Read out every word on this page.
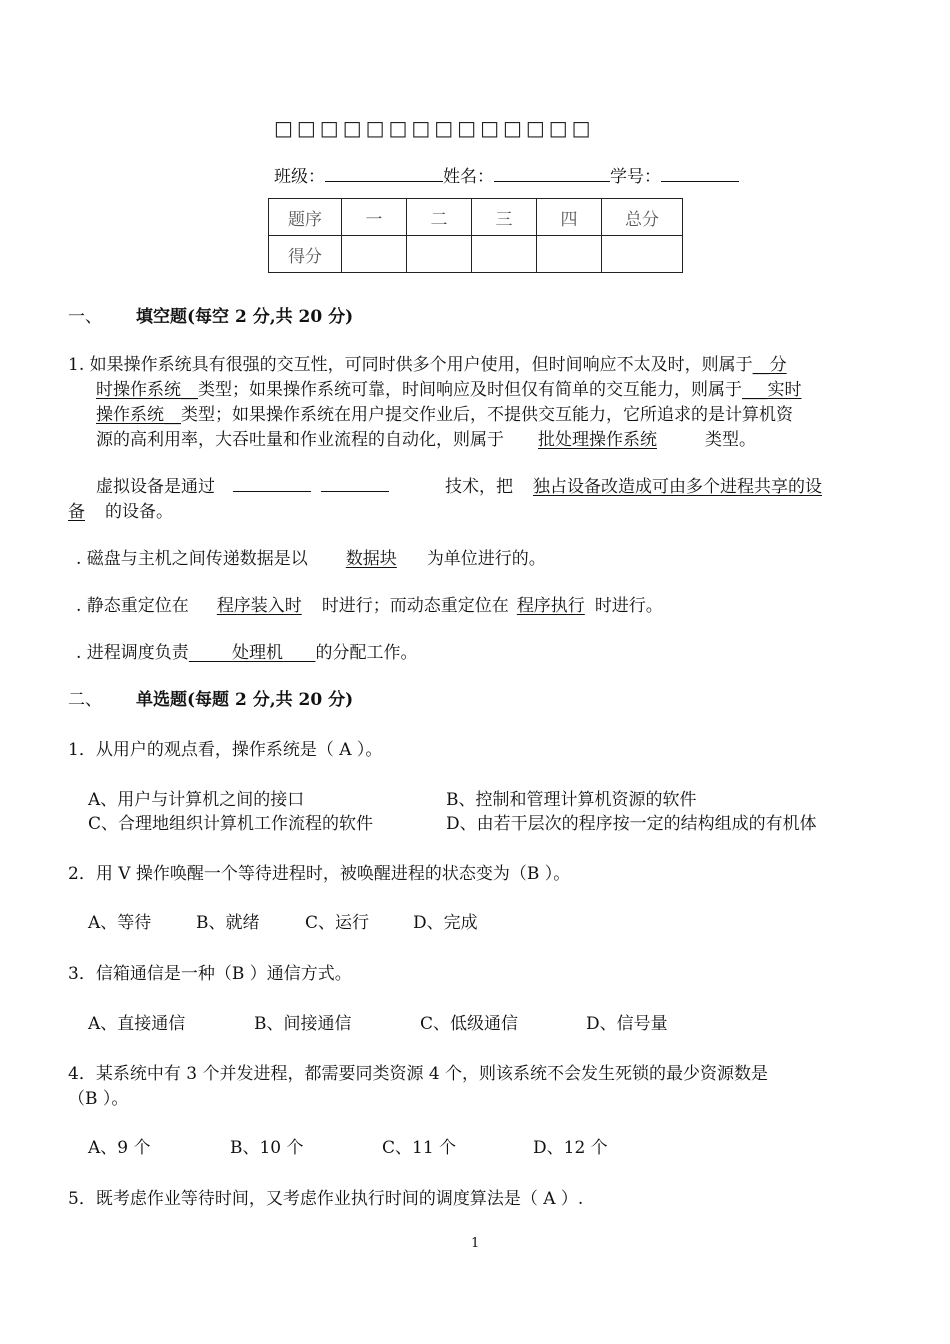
□□□□□□□□□□□□□□
班级：	姓名：	学号：
题序	一	二	三	四	总分
得分					
一、 填空题(每空 2 分,共 20 分)
1. 如果操作系统具有很强的交互性，可同时供多个用户使用，但时间响应不太及时，则属于__分
时操作系统__类型；如果操作系统可靠，时间响应及时但仅有简单的交互能力，则属于___实时
操作系统__类型；如果操作系统在用户提交作业后，不提供交互能力，它所追求的是计算机资
源的高利用率，大吞吐量和作业流程的自动化，则属于 批处理操作系统	类型。
虚拟设备是通过	技术，把 独占设备改造成可由多个进程共享的设
备 的设备。
. 磁盘与主机之间传递数据是以 数据块 为单位进行的。
. 静态重定位在 程序装入时 时进行；而动态重定位在 程序执行 时进行。
. 进程调度负责	处理机 的分配工作。
二、 单选题(每题 2 分,共 20 分)
1．从用户的观点看，操作系统是（ A ）。
A、用户与计算机之间的接口	B、控制和管理计算机资源的软件
C、合理地组织计算机工作流程的软件	D、由若干层次的程序按一定的结构组成的有机体
2．用 V 操作唤醒一个等待进程时，被唤醒进程的状态变为（B ）。
A、等待	B、就绪	C、运行	D、完成
3．信箱通信是一种（B ）通信方式。
A、直接通信	B、间接通信	C、低级通信	D、信号量
4．某系统中有 3 个并发进程，都需要同类资源 4 个，则该系统不会发生死锁的最少资源数是
（B ）。
A、9 个	B、10 个	C、11 个	D、12 个
5．既考虑作业等待时间，又考虑作业执行时间的调度算法是（ A ）.
1
